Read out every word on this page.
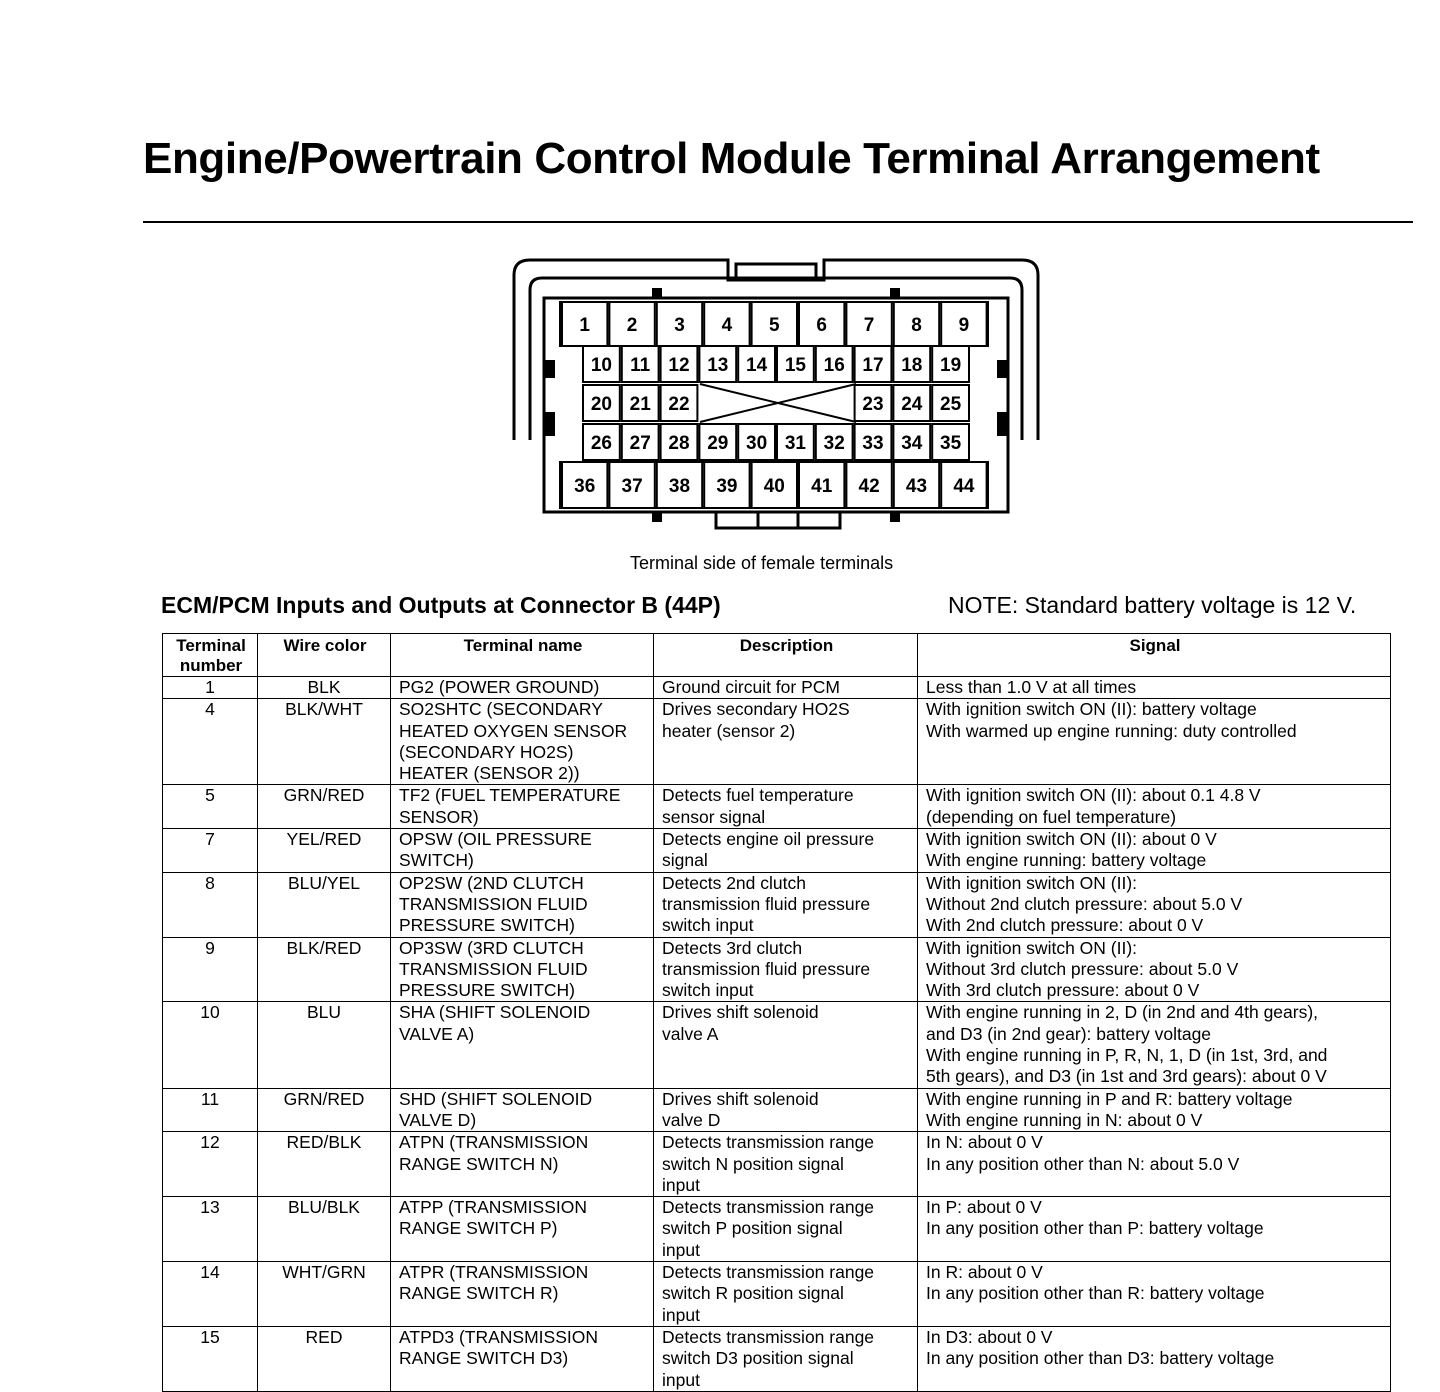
Engine/Powertrain Control Module Terminal Arrangement
1 2 3 4 5 6 7 8 9
10 11 12 13 14 15 16 17 18 19
20 21 22	23 24 25
26 27 28 29 30 31 32 33 34 35
36 37 38 39 40 41 42 43 44
Terminal side of female terminals
ECM/PCM Inputs and Outputs at Connector B (44P)	NOTE: Standard battery voltage is 12 V.
Terminal
number	Wire color	Terminal name	Description	Signal
1	BLK	PG2 (POWER GROUND)	Ground circuit for PCM	Less than 1.0 V at all times
4	BLK/WHT	SO2SHTC (SECONDARY
HEATED OXYGEN SENSOR
(SECONDARY HO2S)
HEATER (SENSOR 2))	Drives secondary HO2S
heater (sensor 2)	With ignition switch ON (II): battery voltage
With warmed up engine running: duty controlled
5	GRN/RED	TF2 (FUEL TEMPERATURE
SENSOR)	Detects fuel temperature
sensor signal	With ignition switch ON (II): about 0.1 4.8 V
(depending on fuel temperature)
7	YEL/RED	OPSW (OIL PRESSURE
SWITCH)	Detects engine oil pressure
signal	With ignition switch ON (II): about 0 V
With engine running: battery voltage
8	BLU/YEL	OP2SW (2ND CLUTCH
TRANSMISSION FLUID
PRESSURE SWITCH)	Detects 2nd clutch
transmission fluid pressure
switch input	With ignition switch ON (II):
Without 2nd clutch pressure: about 5.0 V
With 2nd clutch pressure: about 0 V
9	BLK/RED	OP3SW (3RD CLUTCH
TRANSMISSION FLUID
PRESSURE SWITCH)	Detects 3rd clutch
transmission fluid pressure
switch input	With ignition switch ON (II):
Without 3rd clutch pressure: about 5.0 V
With 3rd clutch pressure: about 0 V
10	BLU	SHA (SHIFT SOLENOID
VALVE A)	Drives shift solenoid
valve A	With engine running in 2, D (in 2nd and 4th gears),
and D3 (in 2nd gear): battery voltage
With engine running in P, R, N, 1, D (in 1st, 3rd, and
5th gears), and D3 (in 1st and 3rd gears): about 0 V
11	GRN/RED	SHD (SHIFT SOLENOID
VALVE D)	Drives shift solenoid
valve D	With engine running in P and R: battery voltage
With engine running in N: about 0 V
12	RED/BLK	ATPN (TRANSMISSION
RANGE SWITCH N)	Detects transmission range
switch N position signal
input	In N: about 0 V
In any position other than N: about 5.0 V
13	BLU/BLK	ATPP (TRANSMISSION
RANGE SWITCH P)	Detects transmission range
switch P position signal
input	In P: about 0 V
In any position other than P: battery voltage
14	WHT/GRN	ATPR (TRANSMISSION
RANGE SWITCH R)	Detects transmission range
switch R position signal
input	In R: about 0 V
In any position other than R: battery voltage
15	RED	ATPD3 (TRANSMISSION
RANGE SWITCH D3)	Detects transmission range
switch D3 position signal
input	In D3: about 0 V
In any position other than D3: battery voltage
